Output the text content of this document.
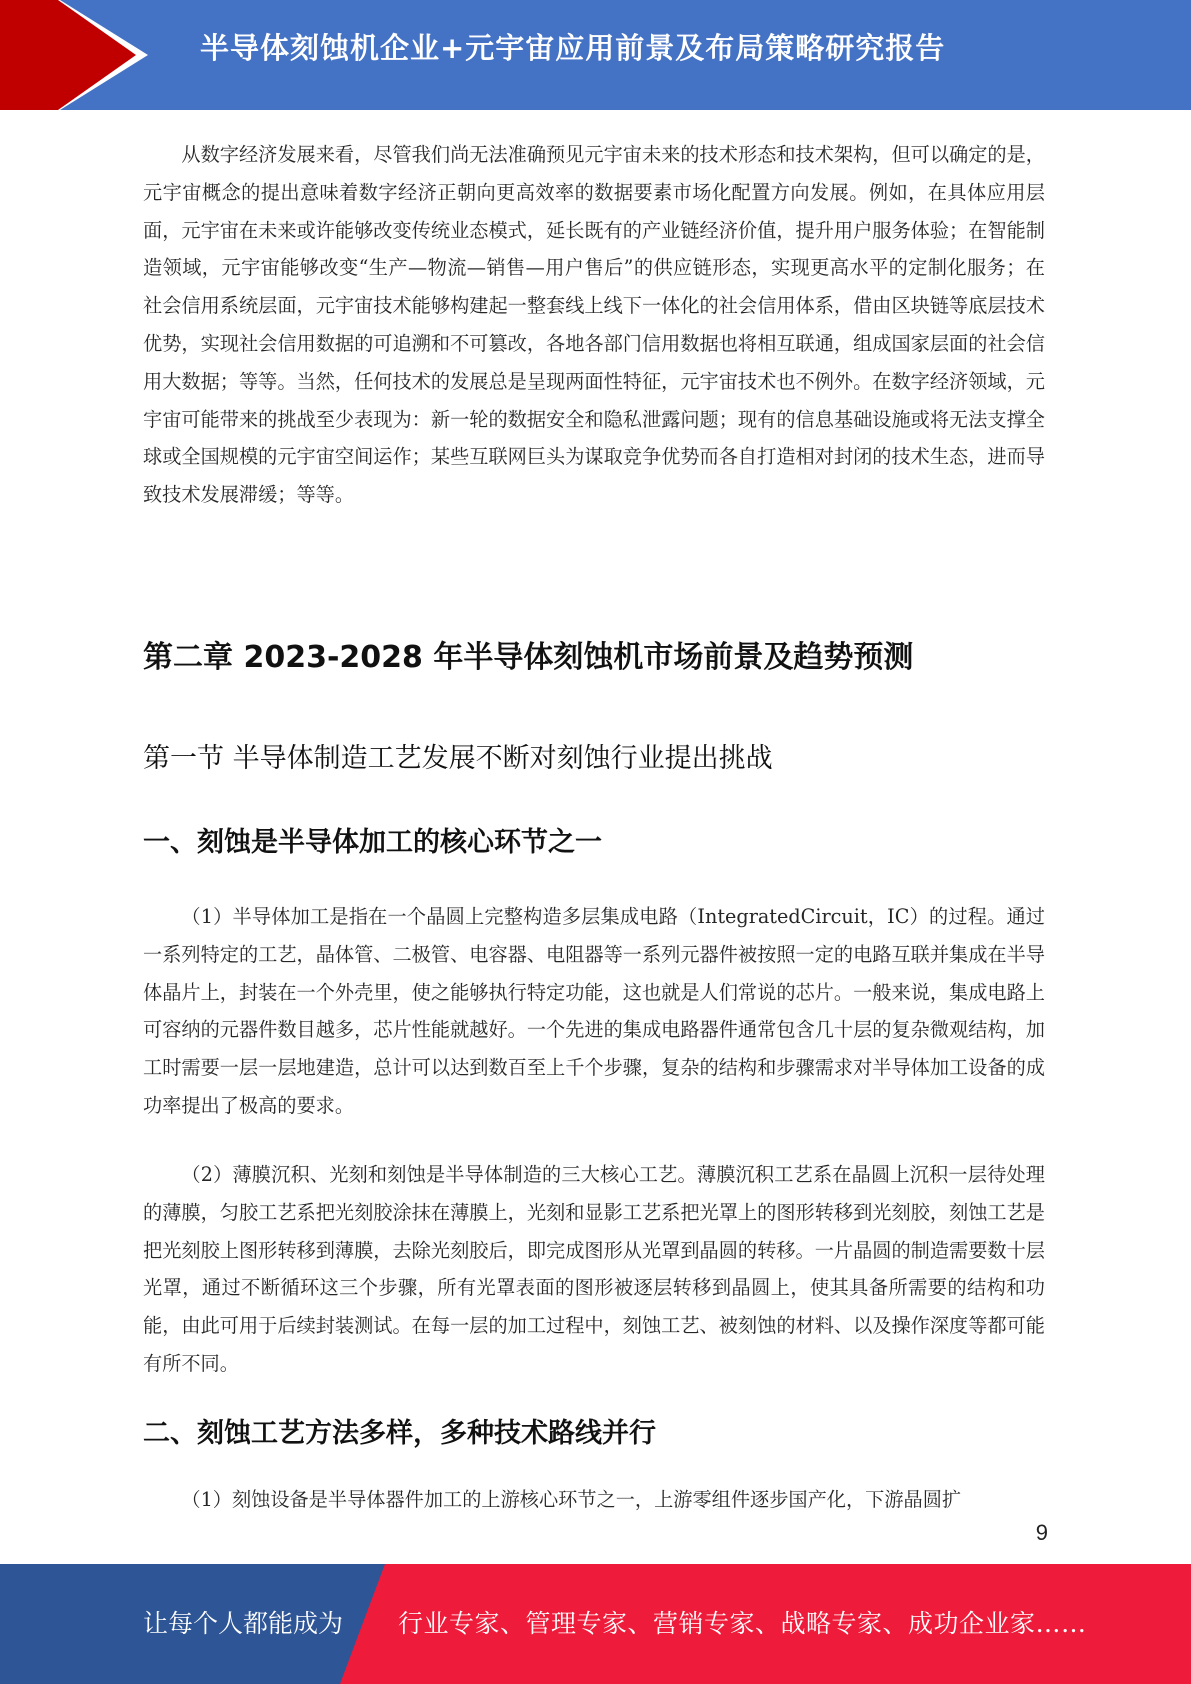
半导体刻蚀机企业+元宇宙应用前景及布局策略研究报告

从数字经济发展来看，尽管我们尚无法准确预见元宇宙未来的技术形态和技术架构，但可以确定的是，元宇宙概念的提出意味着数字经济正朝向更高效率的数据要素市场化配置方向发展。例如，在具体应用层面，元宇宙在未来或许能够改变传统业态模式，延长既有的产业链经济价值，提升用户服务体验；在智能制造领域，元宇宙能够改变“生产—物流—销售—用户售后”的供应链形态，实现更高水平的定制化服务；在社会信用系统层面，元宇宙技术能够构建起一整套线上线下一体化的社会信用体系，借由区块链等底层技术优势，实现社会信用数据的可追溯和不可篡改，各地各部门信用数据也将相互联通，组成国家层面的社会信用大数据；等等。当然，任何技术的发展总是呈现两面性特征，元宇宙技术也不例外。在数字经济领域，元宇宙可能带来的挑战至少表现为：新一轮的数据安全和隐私泄露问题；现有的信息基础设施或将无法支撑全球或全国规模的元宇宙空间运作；某些互联网巨头为谋取竞争优势而各自打造相对封闭的技术生态，进而导致技术发展滞缓；等等。

第二章 2023-2028 年半导体刻蚀机市场前景及趋势预测
第一节 半导体制造工艺发展不断对刻蚀行业提出挑战
一、刻蚀是半导体加工的核心环节之一

（1）半导体加工是指在一个晶圆上完整构造多层集成电路（IntegratedCircuit，IC）的过程。通过一系列特定的工艺，晶体管、二极管、电容器、电阻器等一系列元器件被按照一定的电路互联并集成在半导体晶片上，封装在一个外壳里，使之能够执行特定功能，这也就是人们常说的芯片。一般来说，集成电路上可容纳的元器件数目越多，芯片性能就越好。一个先进的集成电路器件通常包含几十层的复杂微观结构，加工时需要一层一层地建造，总计可以达到数百至上千个步骤，复杂的结构和步骤需求对半导体加工设备的成功率提出了极高的要求。

（2）薄膜沉积、光刻和刻蚀是半导体制造的三大核心工艺。薄膜沉积工艺系在晶圆上沉积一层待处理的薄膜，匀胶工艺系把光刻胶涂抹在薄膜上，光刻和显影工艺系把光罩上的图形转移到光刻胶，刻蚀工艺是把光刻胶上图形转移到薄膜，去除光刻胶后，即完成图形从光罩到晶圆的转移。一片晶圆的制造需要数十层光罩，通过不断循环这三个步骤，所有光罩表面的图形被逐层转移到晶圆上，使其具备所需要的结构和功能，由此可用于后续封装测试。在每一层的加工过程中，刻蚀工艺、被刻蚀的材料、以及操作深度等都可能有所不同。

二、刻蚀工艺方法多样，多种技术路线并行

（1）刻蚀设备是半导体器件加工的上游核心环节之一，上游零组件逐步国产化，下游晶圆扩

9
让每个人都能成为 行业专家、管理专家、营销专家、战略专家、成功企业家……
